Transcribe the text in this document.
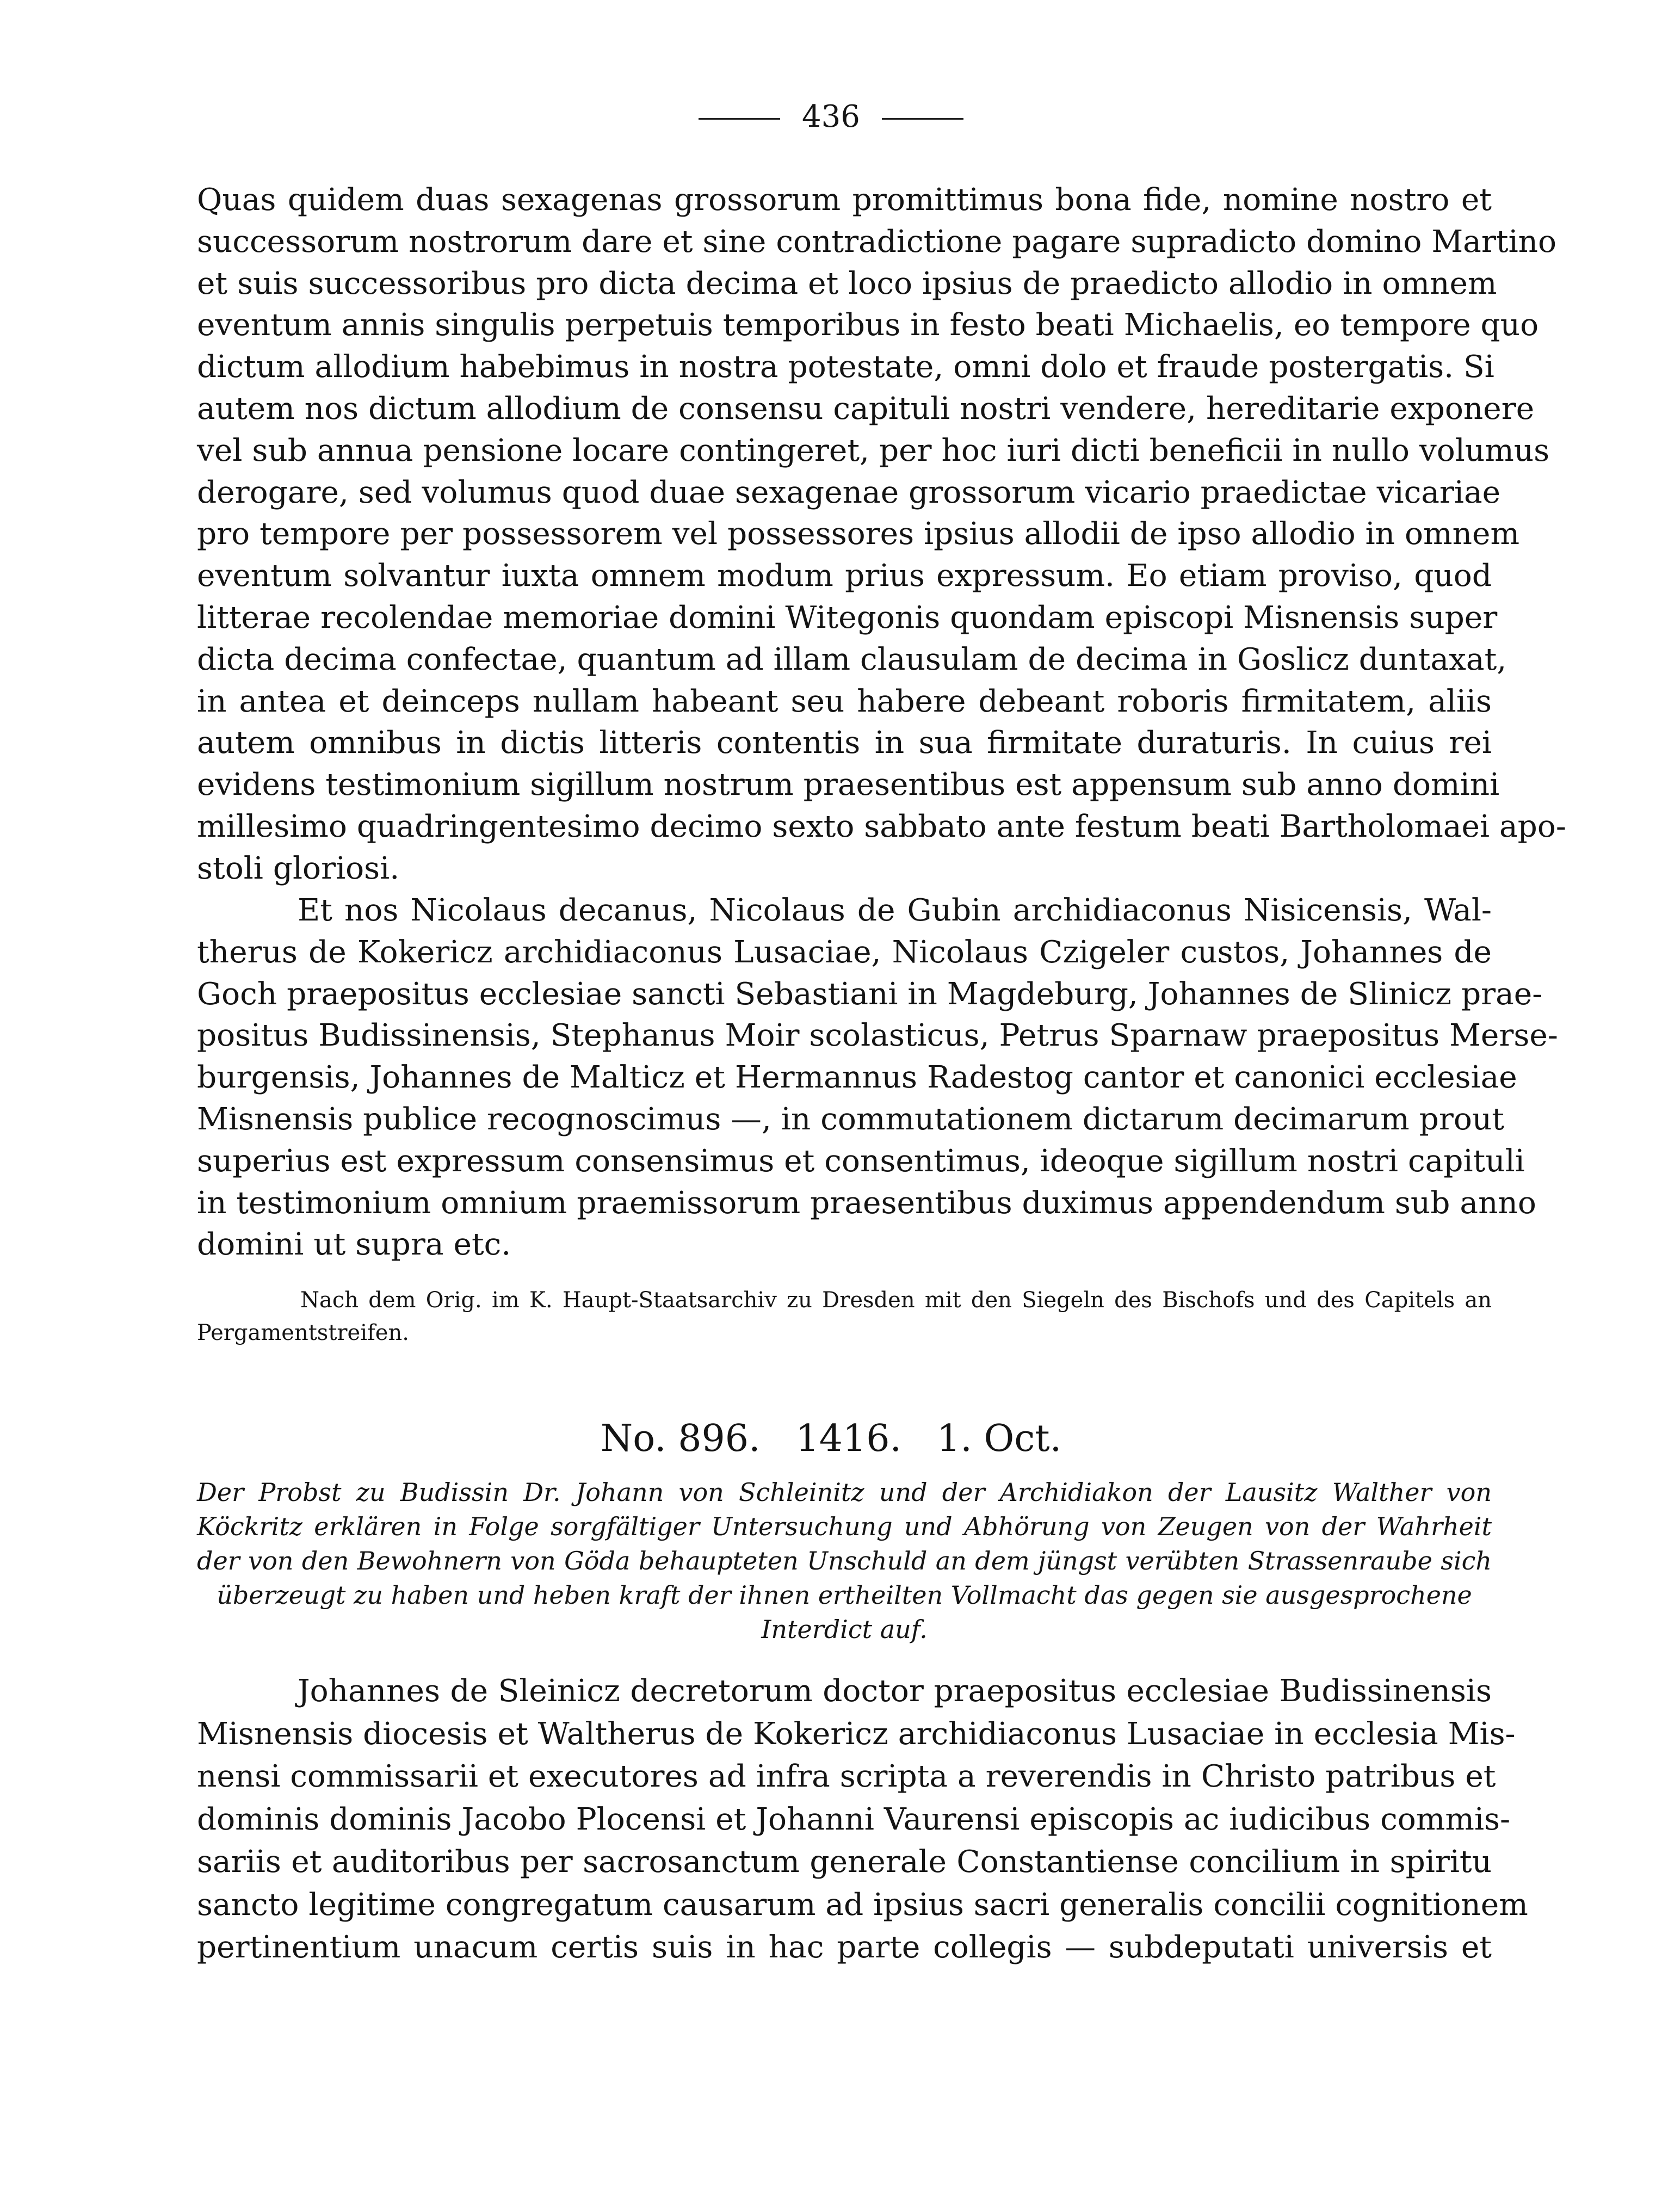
436
Quas quidem duas sexagenas grossorum promittimus bona fide, nomine nostro et
successorum nostrorum dare et sine contradictione pagare supradicto domino Martino
et suis successoribus pro dicta decima et loco ipsius de praedicto allodio in omnem
eventum annis singulis perpetuis temporibus in festo beati Michaelis, eo tempore quo
dictum allodium habebimus in nostra potestate, omni dolo et fraude postergatis. Si
autem nos dictum allodium de consensu capituli nostri vendere, hereditarie exponere
vel sub annua pensione locare contingeret, per hoc iuri dicti beneficii in nullo volumus
derogare, sed volumus quod duae sexagenae grossorum vicario praedictae vicariae
pro tempore per possessorem vel possessores ipsius allodii de ipso allodio in omnem
eventum solvantur iuxta omnem modum prius expressum. Eo etiam proviso, quod
litterae recolendae memoriae domini Witegonis quondam episcopi Misnensis super
dicta decima confectae, quantum ad illam clausulam de decima in Goslicz duntaxat,
in antea et deinceps nullam habeant seu habere debeant roboris firmitatem, aliis
autem omnibus in dictis litteris contentis in sua firmitate duraturis. In cuius rei
evidens testimonium sigillum nostrum praesentibus est appensum sub anno domini
millesimo quadringentesimo decimo sexto sabbato ante festum beati Bartholomaei apo-
stoli gloriosi.
Et nos Nicolaus decanus, Nicolaus de Gubin archidiaconus Nisicensis, Wal-
therus de Kokericz archidiaconus Lusaciae, Nicolaus Czigeler custos, Johannes de
Goch praepositus ecclesiae sancti Sebastiani in Magdeburg, Johannes de Slinicz prae-
positus Budissinensis, Stephanus Moir scolasticus, Petrus Sparnaw praepositus Merse-
burgensis, Johannes de Malticz et Hermannus Radestog cantor et canonici ecclesiae
Misnensis publice recognoscimus —, in commutationem dictarum decimarum prout
superius est expressum consensimus et consentimus, ideoque sigillum nostri capituli
in testimonium omnium praemissorum praesentibus duximus appendendum sub anno
domini ut supra etc.
Nach dem Orig. im K. Haupt-Staatsarchiv zu Dresden mit den Siegeln des Bischofs und des Capitels an
Pergamentstreifen.
No. 896.   1416.   1. Oct.
Der Probst zu Budissin Dr. Johann von Schleinitz und der Archidiakon der Lausitz Walther von
Köckritz erklären in Folge sorgfältiger Untersuchung und Abhörung von Zeugen von der Wahrheit
der von den Bewohnern von Göda behaupteten Unschuld an dem jüngst verübten Strassenraube sich
überzeugt zu haben und heben kraft der ihnen ertheilten Vollmacht das gegen sie ausgesprochene
Interdict auf.
Johannes de Sleinicz decretorum doctor praepositus ecclesiae Budissinensis
Misnensis diocesis et Waltherus de Kokericz archidiaconus Lusaciae in ecclesia Mis-
nensi commissarii et executores ad infra scripta a reverendis in Christo patribus et
dominis dominis Jacobo Plocensi et Johanni Vaurensi episcopis ac iudicibus commis-
sariis et auditoribus per sacrosanctum generale Constantiense concilium in spiritu
sancto legitime congregatum causarum ad ipsius sacri generalis concilii cognitionem
pertinentium unacum certis suis in hac parte collegis — subdeputati universis et
